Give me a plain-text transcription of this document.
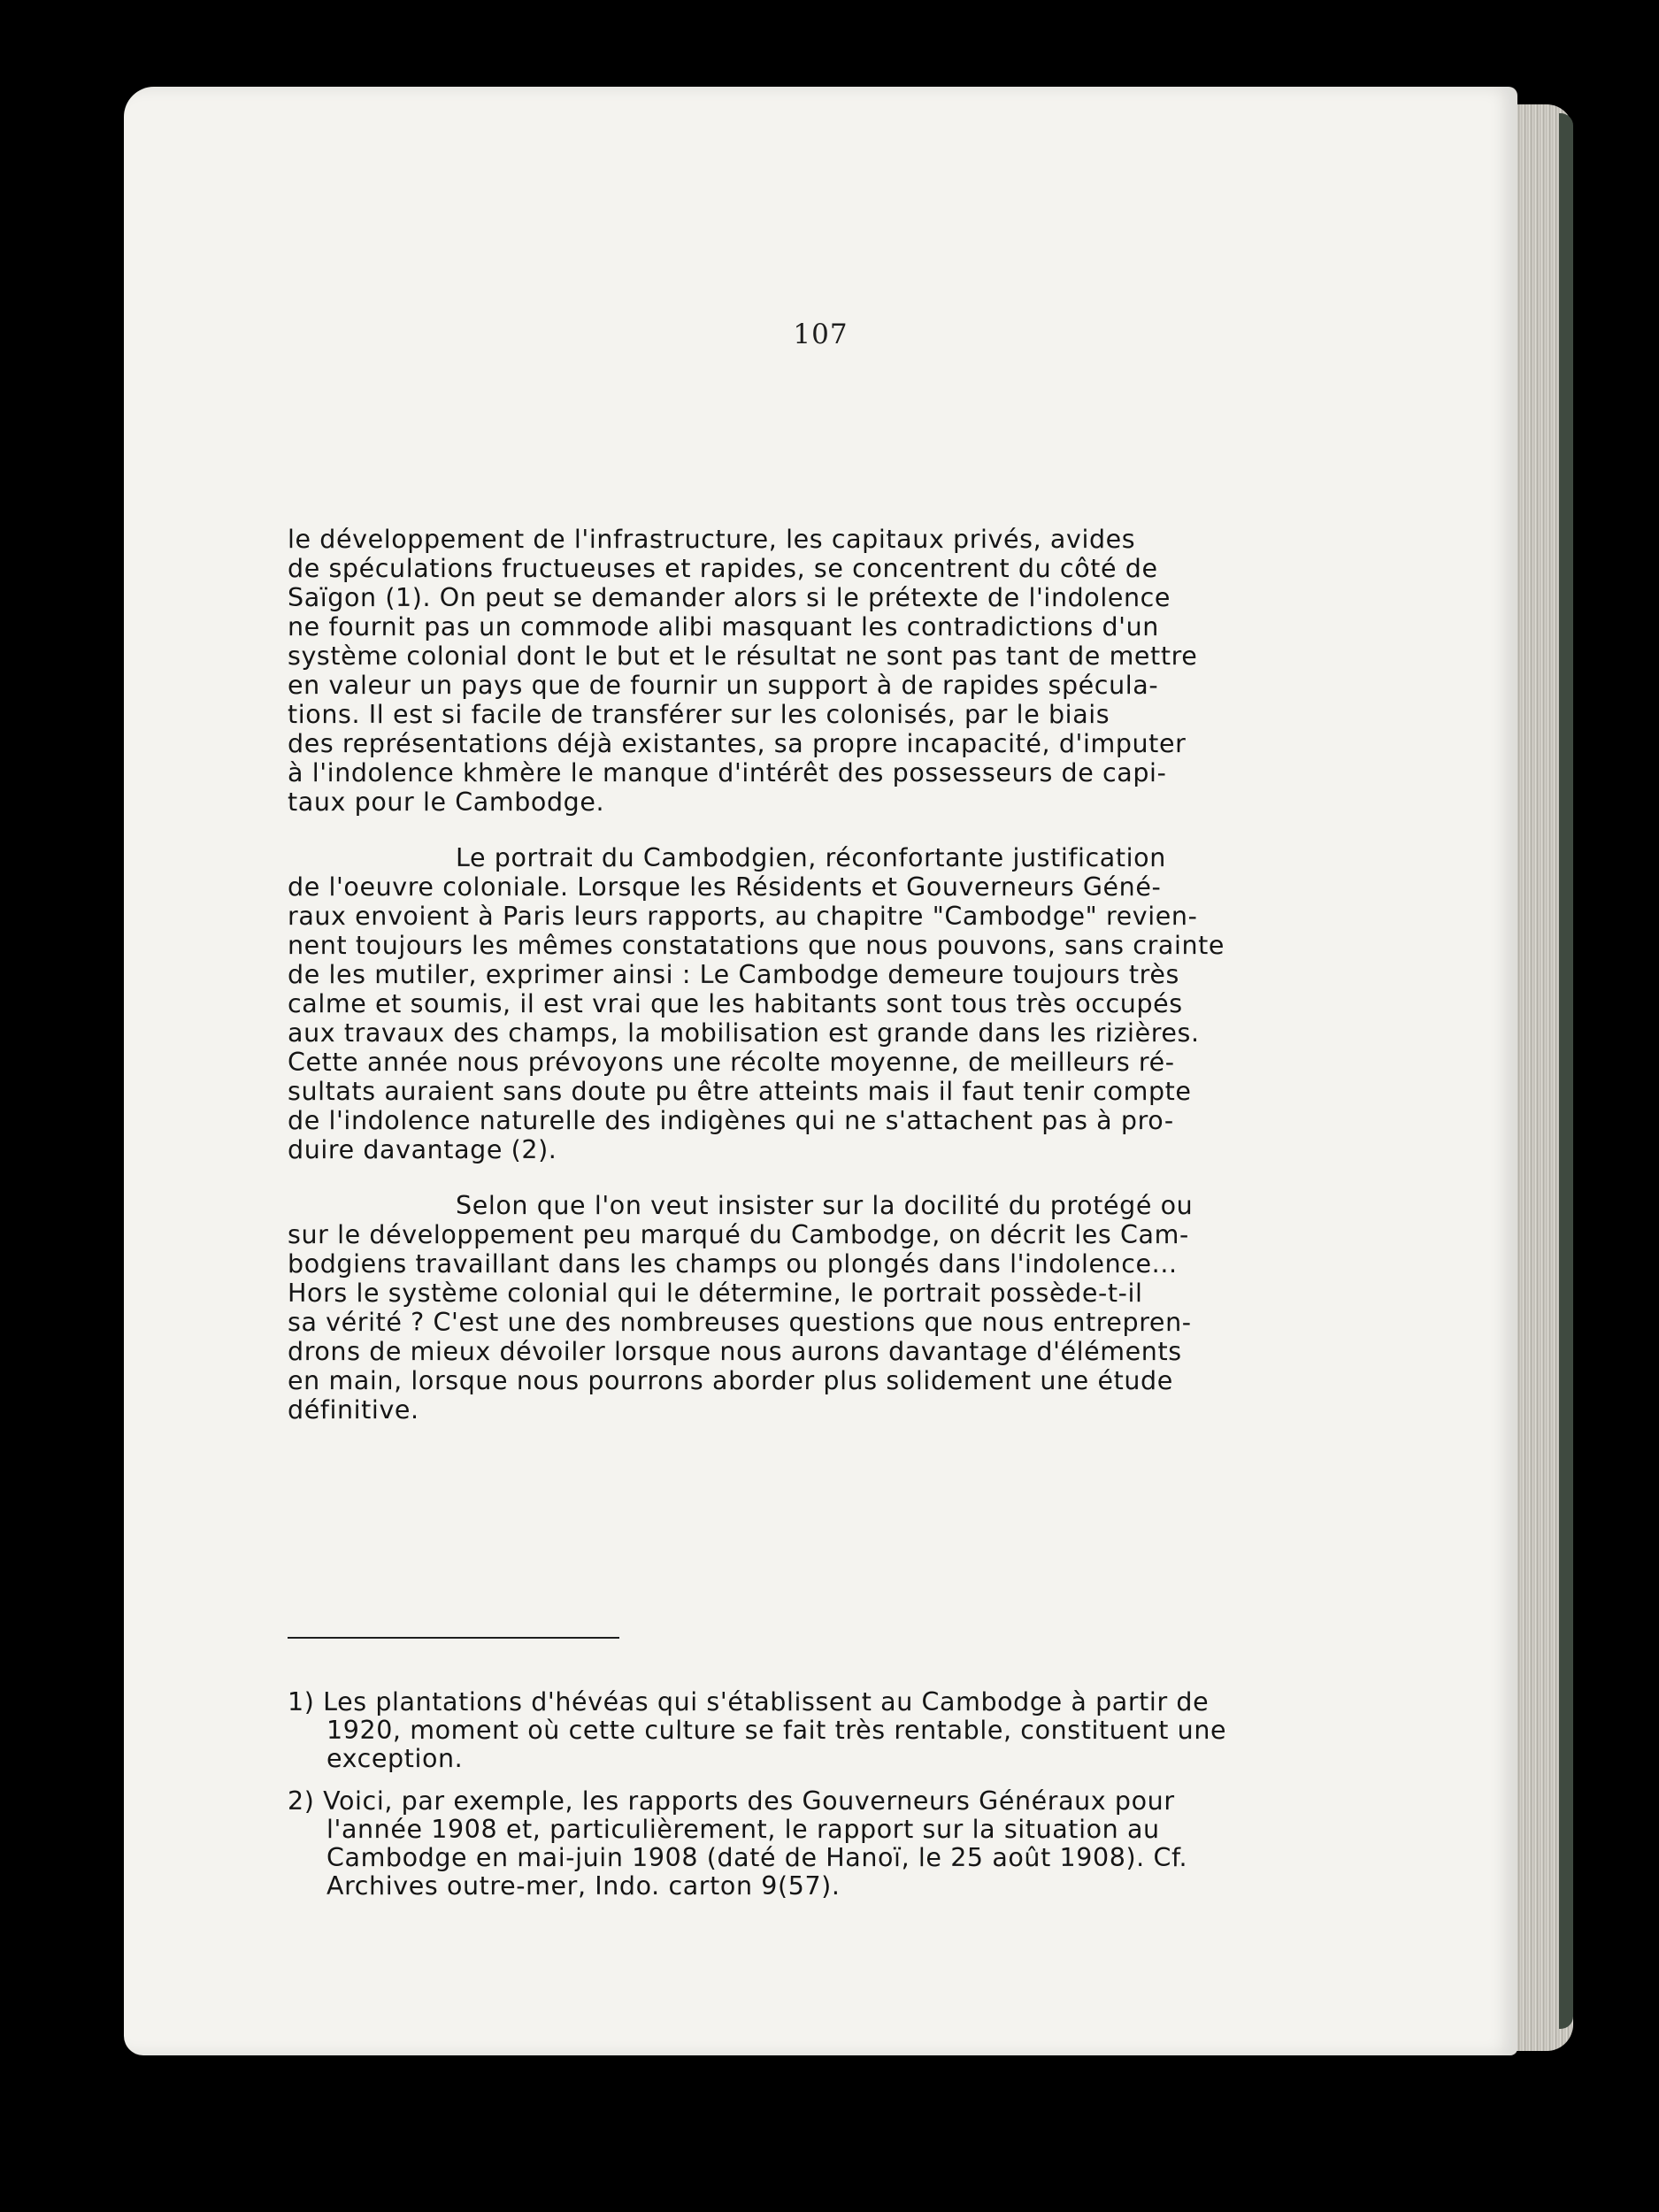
107
le développement de l'infrastructure, les capitaux privés, avides
de spéculations fructueuses et rapides, se concentrent du côté de
Saïgon (1). On peut se demander alors si le prétexte de l'indolence
ne fournit pas un commode alibi masquant les contradictions d'un
système colonial dont le but et le résultat ne sont pas tant de mettre
en valeur un pays que de fournir un support à de rapides spécula-
tions. Il est si facile de transférer sur les colonisés, par le biais
des représentations déjà existantes, sa propre incapacité, d'imputer
à l'indolence khmère le manque d'intérêt des possesseurs de capi-
taux pour le Cambodge.
Le portrait du Cambodgien, réconfortante justification
de l'oeuvre coloniale. Lorsque les Résidents et Gouverneurs Géné-
raux envoient à Paris leurs rapports, au chapitre "Cambodge" revien-
nent toujours les mêmes constatations que nous pouvons, sans crainte
de les mutiler, exprimer ainsi : Le Cambodge demeure toujours très
calme et soumis, il est vrai que les habitants sont tous très occupés
aux travaux des champs, la mobilisation est grande dans les rizières.
Cette année nous prévoyons une récolte moyenne, de meilleurs ré-
sultats auraient sans doute pu être atteints mais il faut tenir compte
de l'indolence naturelle des indigènes qui ne s'attachent pas à pro-
duire davantage (2).
Selon que l'on veut insister sur la docilité du protégé ou
sur le développement peu marqué du Cambodge, on décrit les Cam-
bodgiens travaillant dans les champs ou plongés dans l'indolence...
Hors le système colonial qui le détermine, le portrait possède-t-il
sa vérité ? C'est une des nombreuses questions que nous entrepren-
drons de mieux dévoiler lorsque nous aurons davantage d'éléments
en main, lorsque nous pourrons aborder plus solidement une étude
définitive.
1) Les plantations d'hévéas qui s'établissent au Cambodge à partir de
1920, moment où cette culture se fait très rentable, constituent une
exception.
2) Voici, par exemple, les rapports des Gouverneurs Généraux pour
l'année 1908 et, particulièrement, le rapport sur la situation au
Cambodge en mai-juin 1908 (daté de Hanoï, le 25 août 1908). Cf.
Archives outre-mer, Indo. carton 9(57).
